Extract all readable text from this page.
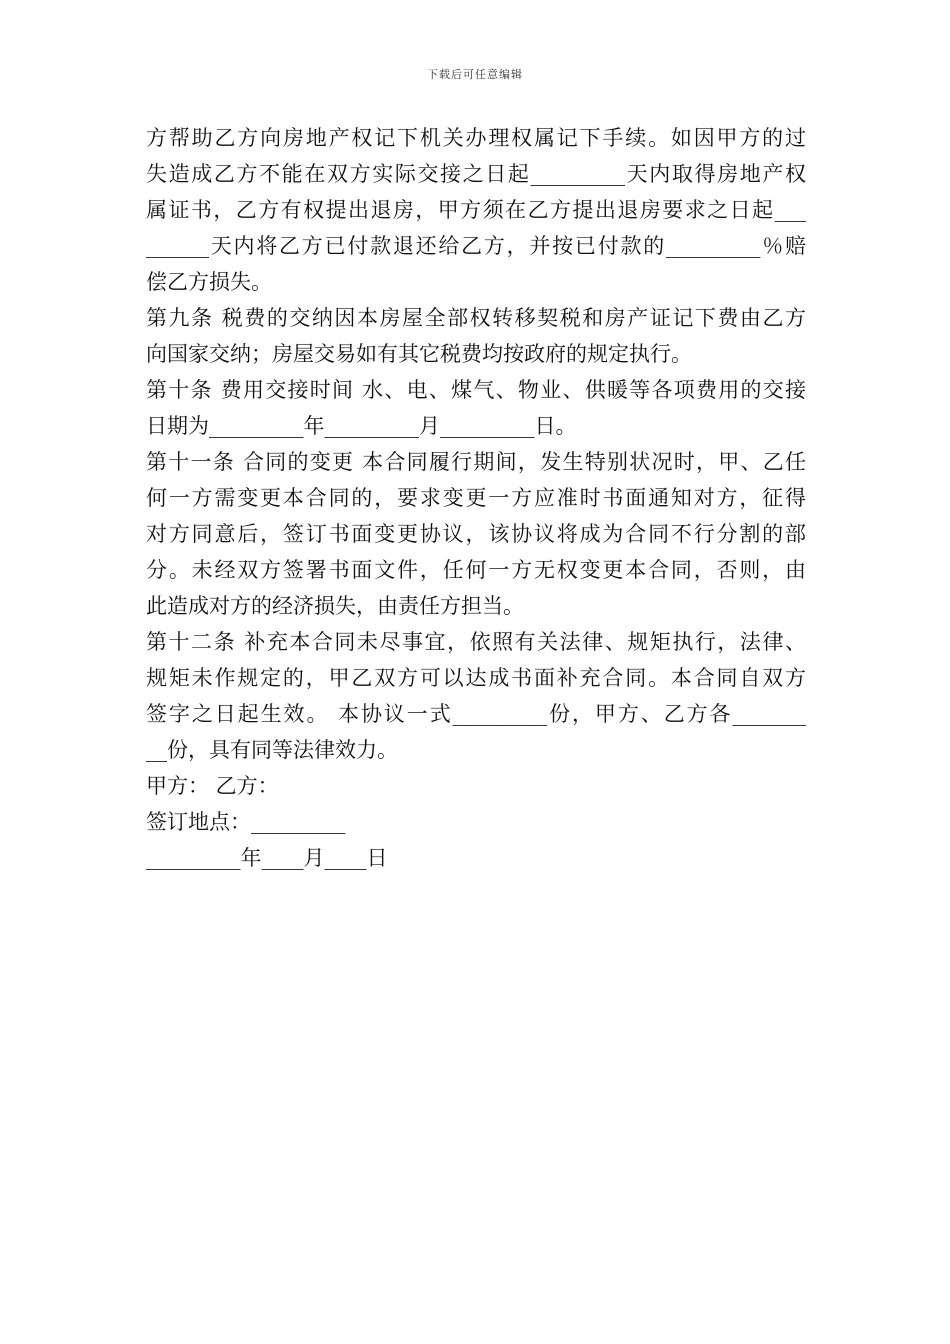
下载后可任意编辑
方帮助乙方向房地产权记下机关办理权属记下手续。如因甲方的过
失造成乙方不能在双方实际交接之日起_________天内取得房地产权
属证书，乙方有权提出退房，甲方须在乙方提出退房要求之日起___
______天内将乙方已付款退还给乙方，并按已付款的_________％赔
偿乙方损失。
第九条 税费的交纳因本房屋全部权转移契税和房产证记下费由乙方
向国家交纳；房屋交易如有其它税费均按政府的规定执行。
第十条 费用交接时间 水、电、煤气、物业、供暖等各项费用的交接
日期为_________年_________月_________日。
第十一条 合同的变更 本合同履行期间，发生特别状况时，甲、乙任
何一方需变更本合同的，要求变更一方应准时书面通知对方，征得
对方同意后，签订书面变更协议，该协议将成为合同不行分割的部
分。未经双方签署书面文件，任何一方无权变更本合同，否则，由
此造成对方的经济损失，由责任方担当。
第十二条 补充本合同未尽事宜，依照有关法律、规矩执行，法律、
规矩未作规定的，甲乙双方可以达成书面补充合同。本合同自双方
签字之日起生效。 本协议一式_________份，甲方、乙方各_______
__份，具有同等法律效力。
甲方： 乙方：
签订地点：_________
_________年____月____日
